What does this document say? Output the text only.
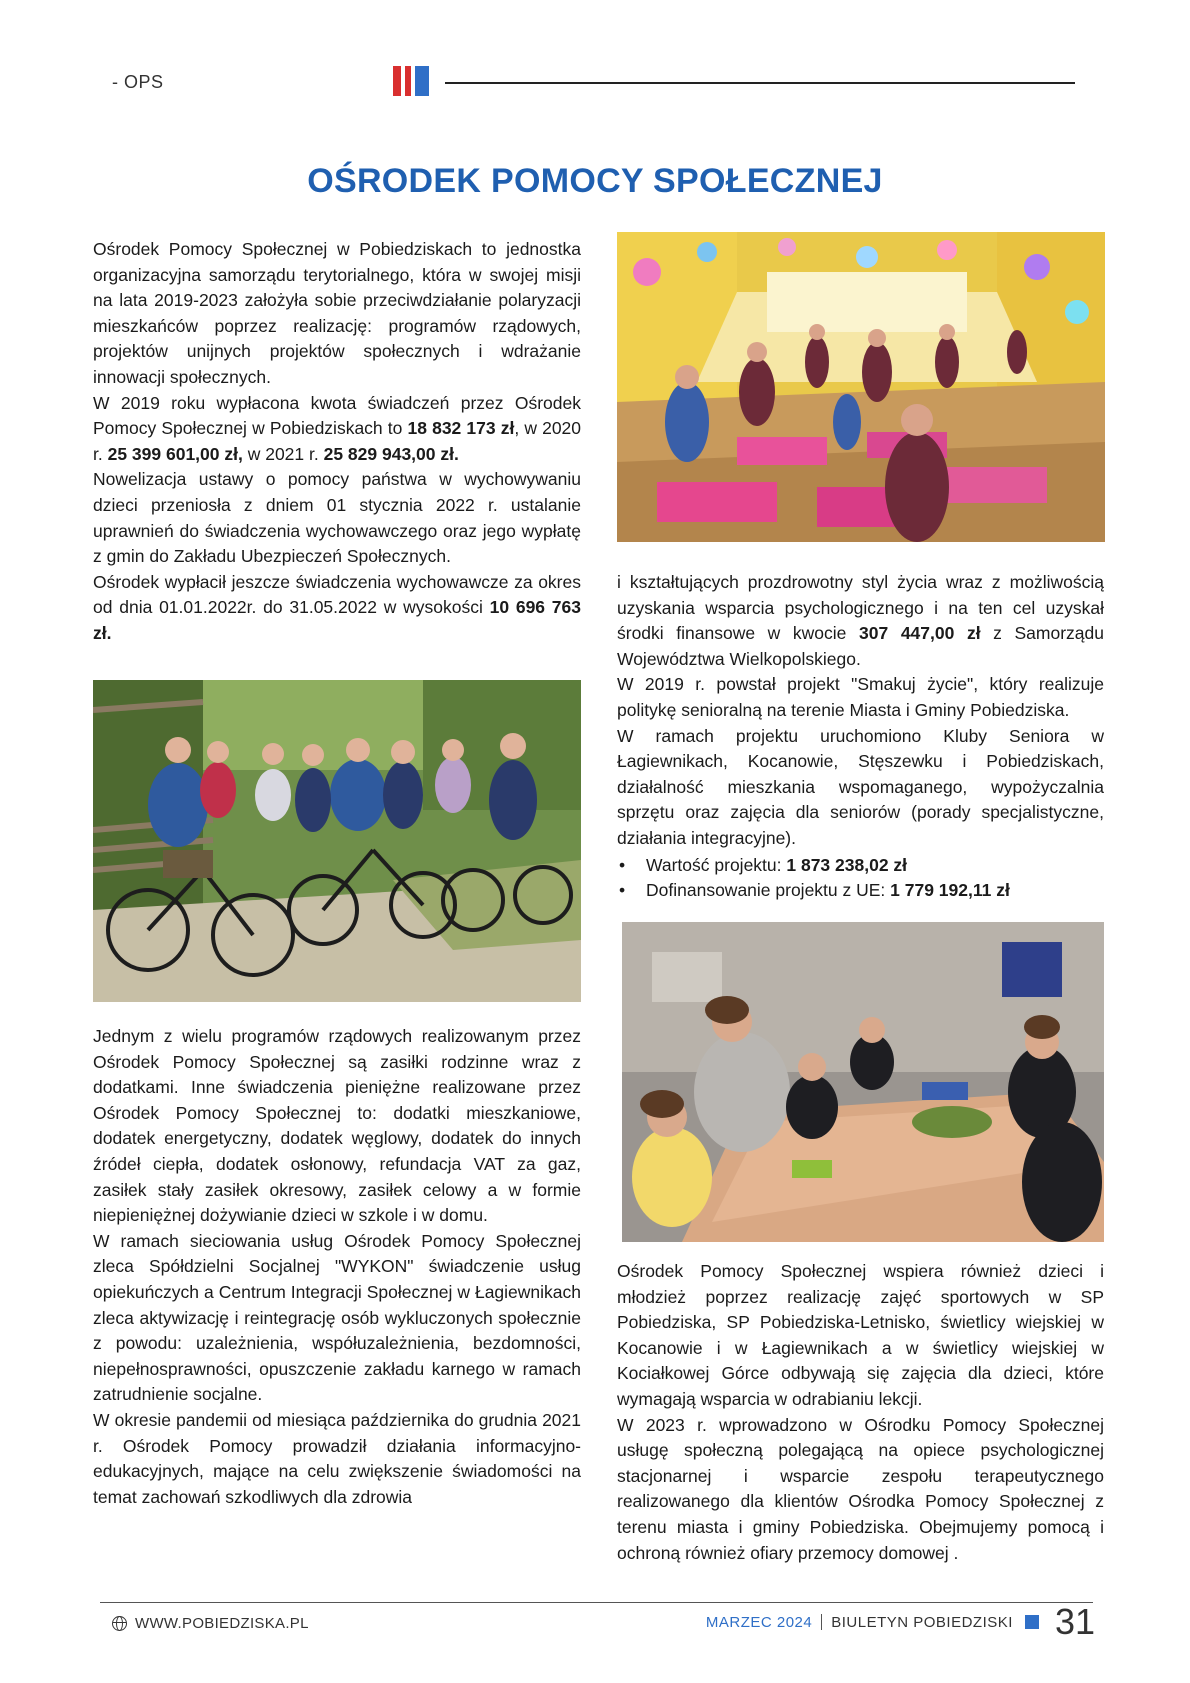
- OPS
OŚRODEK POMOCY SPOŁECZNEJ

Ośrodek Pomocy Społecznej w Pobiedziskach to jednostka organizacyjna samorządu terytorialnego, która w swojej misji na lata 2019-2023 założyła sobie przeciwdziałanie polaryzacji mieszkańców poprzez realizację: programów rządowych, projektów unijnych projektów społecznych i wdrażanie innowacji społecznych.

W 2019 roku wypłacona kwota świadczeń przez Ośrodek Pomocy Społecznej w Pobiedziskach to 18 832 173 zł, w 2020 r. 25 399 601,00 zł, w 2021 r. 25 829 943,00 zł.

Nowelizacja ustawy o pomocy państwa w wychowywaniu dzieci przeniosła z dniem 01 stycznia 2022 r. ustalanie uprawnień do świadczenia wychowawczego oraz jego wypłatę z gmin do Zakładu Ubezpieczeń Społecznych.

Ośrodek wypłacił jeszcze świadczenia wychowawcze za okres od dnia 01.01.2022r. do 31.05.2022 w wysokości 10 696 763 zł.

i kształtujących prozdrowotny styl życia wraz z możliwością uzyskania wsparcia psychologicznego i na ten cel uzyskał środki finansowe w kwocie 307 447,00 zł z Samorządu Województwa Wielkopolskiego.

W 2019 r. powstał projekt "Smakuj życie", który realizuje politykę senioralną na terenie Miasta i Gminy Pobiedziska.

W ramach projektu uruchomiono Kluby Seniora w Łagiewnikach, Kocanowie, Stęszewku i Pobiedziskach, działalność mieszkania wspomaganego, wypożyczalnia sprzętu oraz zajęcia dla seniorów (porady specjalistyczne, działania integracyjne).

• Wartość projektu: 1 873 238,02 zł
• Dofinansowanie projektu z UE: 1 779 192,11 zł

Jednym z wielu programów rządowych realizowanym przez Ośrodek Pomocy Społecznej są zasiłki rodzinne wraz z dodatkami. Inne świadczenia pieniężne realizowane przez Ośrodek Pomocy Społecznej to: dodatki mieszkaniowe, dodatek energetyczny, dodatek węglowy, dodatek do innych źródeł ciepła, dodatek osłonowy, refundacja VAT za gaz, zasiłek stały zasiłek okresowy, zasiłek celowy a w formie niepieniężnej dożywianie dzieci w szkole i w domu.

W ramach sieciowania usług Ośrodek Pomocy Społecznej zleca Spółdzielni Socjalnej "WYKON" świadczenie usług opiekuńczych a Centrum Integracji Społecznej w Łagiewnikach zleca aktywizację i reintegrację osób wykluczonych społecznie z powodu: uzależnienia, współuzależnienia, bezdomności, niepełnosprawności, opuszczenie zakładu karnego w ramach zatrudnienie socjalne.

W okresie pandemii od miesiąca października do grudnia 2021 r. Ośrodek Pomocy prowadził działania informacyjno-edukacyjnych, mające na celu zwiększenie świadomości na temat zachowań szkodliwych dla zdrowia

Ośrodek Pomocy Społecznej wspiera również dzieci i młodzież poprzez realizację zajęć sportowych w SP Pobiedziska, SP Pobiedziska-Letnisko, świetlicy wiejskiej w Kocanowie i w Łagiewnikach a w świetlicy wiejskiej w Kociałkowej Górce odbywają się zajęcia dla dzieci, które wymagają wsparcia w odrabianiu lekcji.

W 2023 r. wprowadzono w Ośrodku Pomocy Społecznej usługę społeczną polegającą na opiece psychologicznej stacjonarnej i wsparcie zespołu terapeutycznego realizowanego dla klientów Ośrodka Pomocy Społecznej z terenu miasta i gminy Pobiedziska. Obejmujemy pomocą i ochroną również ofiary przemocy domowej .

WWW.POBIEDZISKA.PL	MARZEC 2024 BIULETYN POBIEDZISKI 31
